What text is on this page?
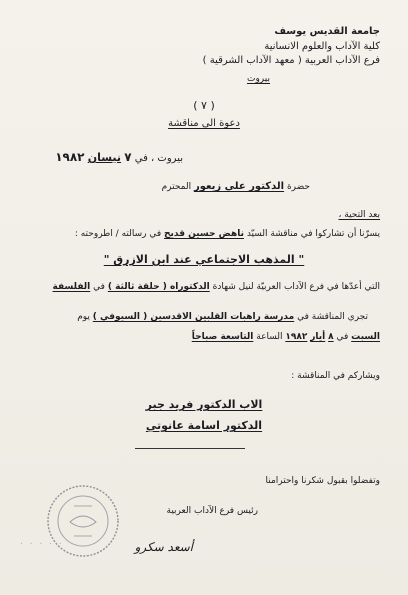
جامعة القديس يوسف
كلية الآداب والعلوم الانسانية
فرع الآداب العربية ( معهد الآداب الشرقية )
بيروت
( ٧ )
دعوة الى مناقشة
بيروت ، في ٧ نيسان ١٩٨٢
حضرة الدكتور علي زيعور المحترم
بعد التحية ،
يسرّنا أن تشاركوا في مناقشة السيّد ناهض حسين قديح في رسالته / اطروحته :
" المذهب الاجتماعي عند ابن الازرق "
التي أعدّها في فرع الآداب العربيّة لنيل شهادة الدكتوراه ( حلقة ثالثة ) في الفلسفة
تجري المناقشة في مدرسة راهبات القلبين الاقدسين ( السيوفي ) يوم
السبت في ٨ أيار ١٩٨٢ الساعة التاسعة صباحاً
ويشاركم في المناقشة :
الاب الدكتور فريد جبر
الدكتور اسامة عانوتي
وتفضلوا بقبول شكرنا واحترامنا
رئيس فرع الآداب العربية
أسعد سكرو
. . . . .
